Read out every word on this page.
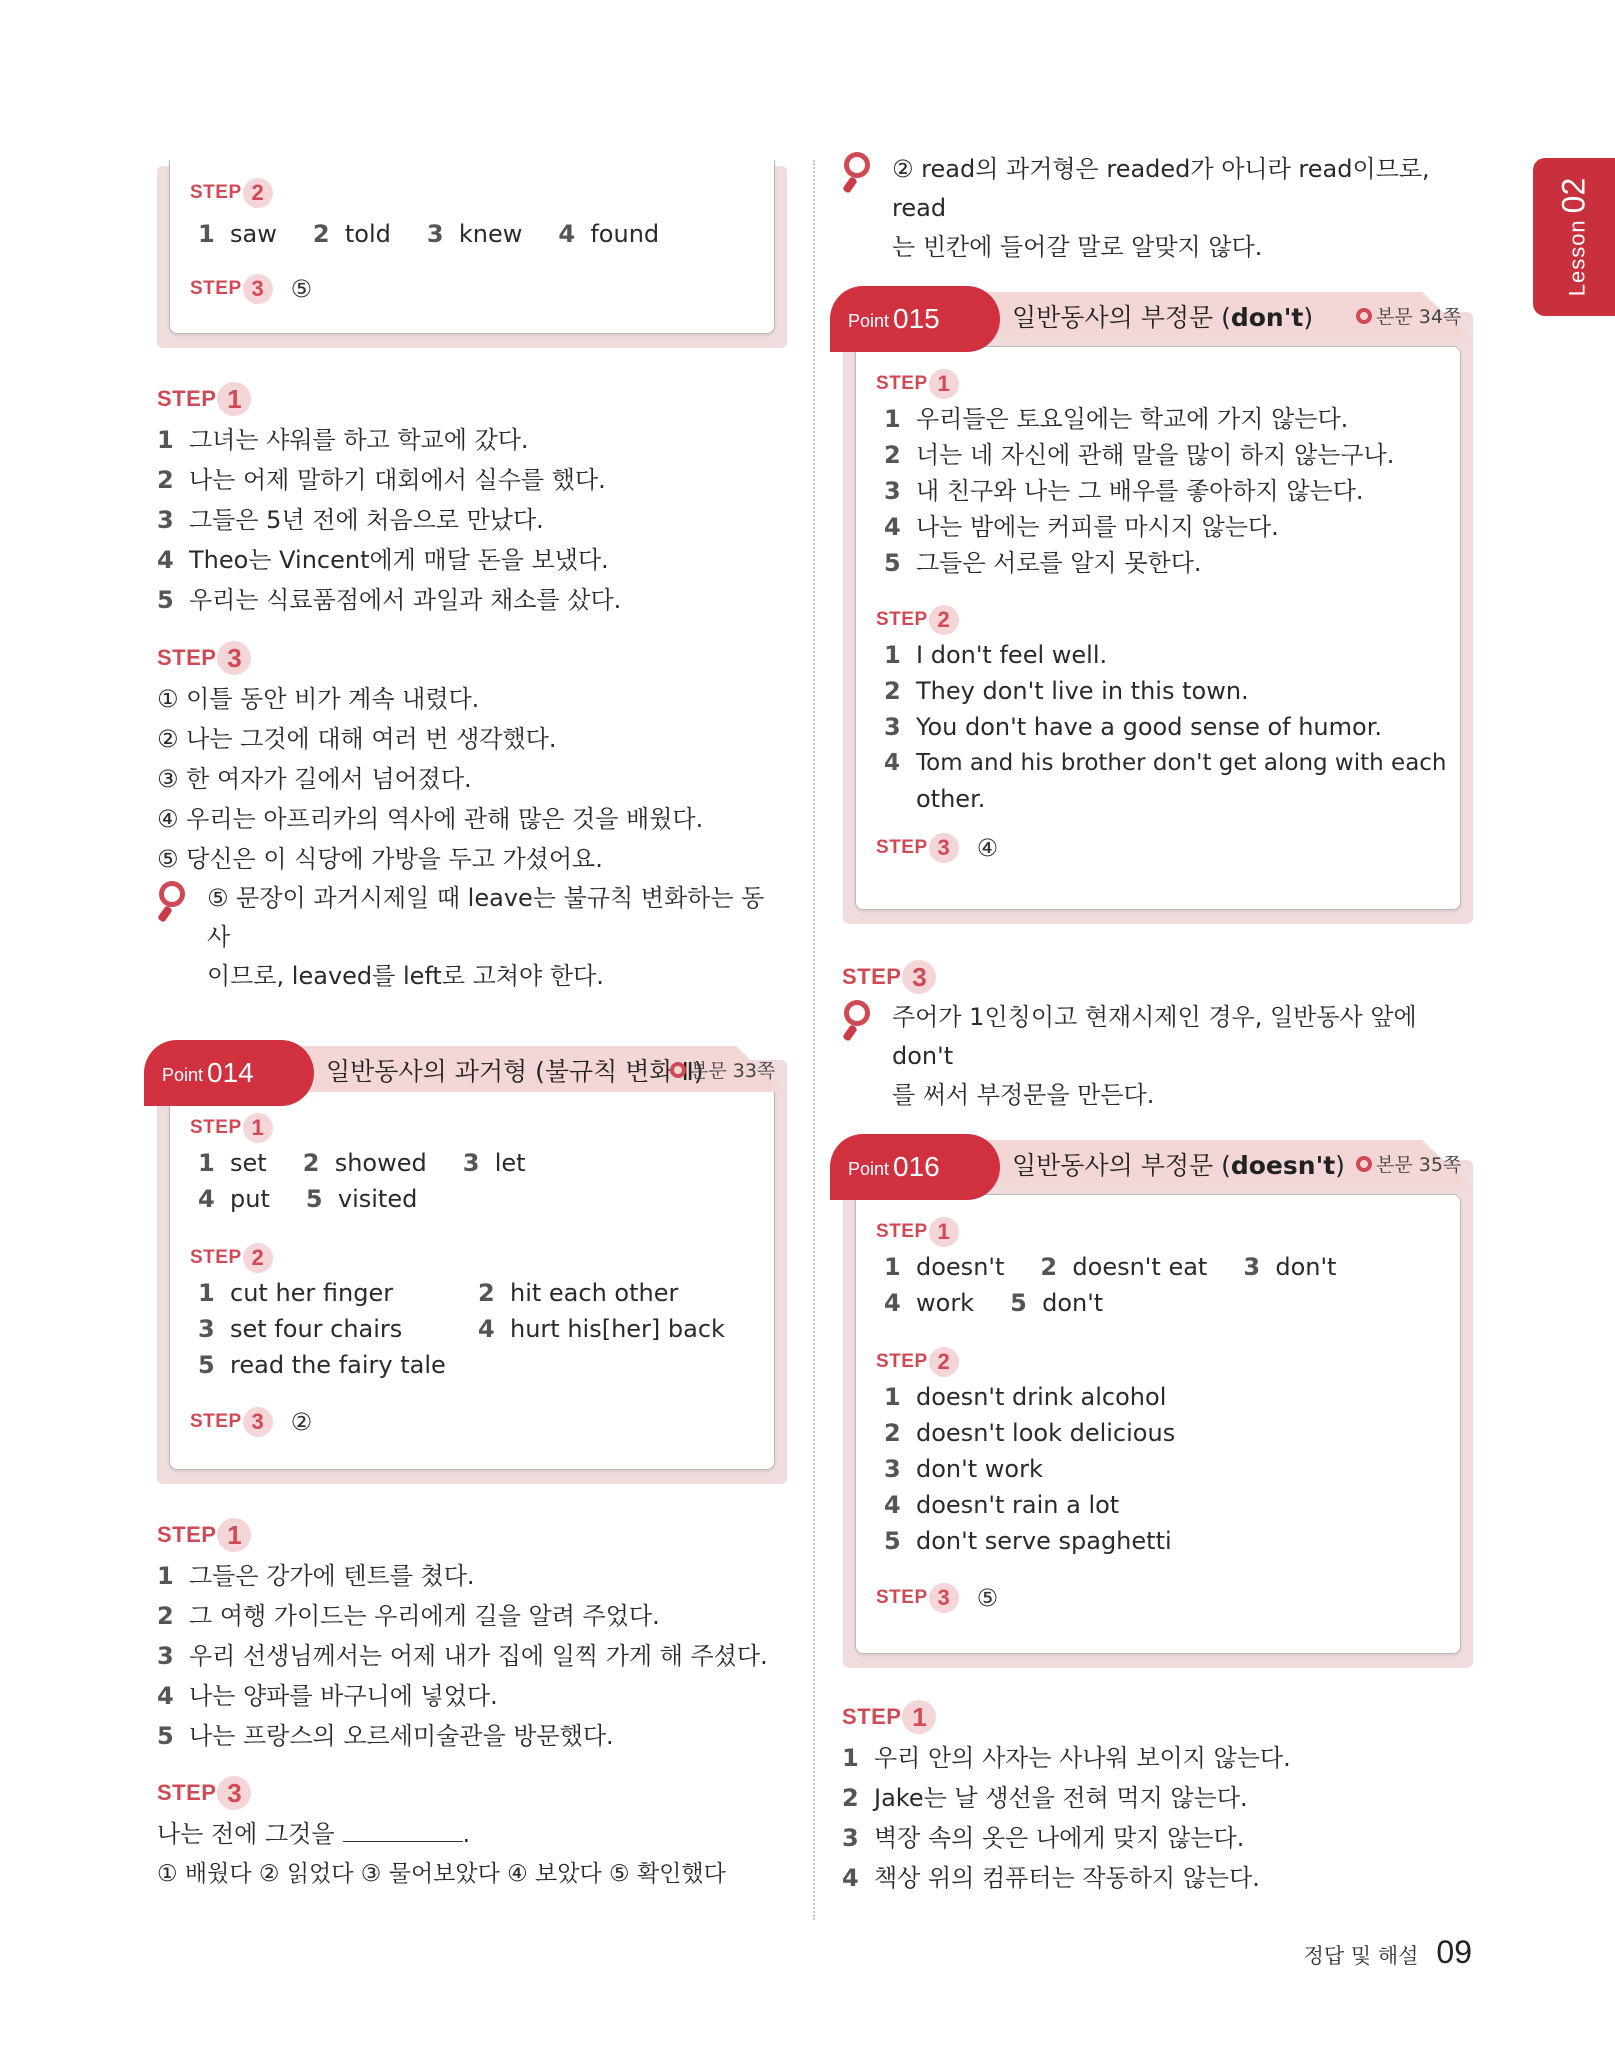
Lesson02
STEP 2
1 saw 2 told 3 knew 4 found
STEP 3	⑤
STEP 1
1 그녀는 샤워를 하고 학교에 갔다.
2 나는 어제 말하기 대회에서 실수를 했다.
3 그들은 5년 전에 처음으로 만났다.
4 Theo는 Vincent에게 매달 돈을 보냈다.
5 우리는 식료품점에서 과일과 채소를 샀다.
STEP 3
① 이틀 동안 비가 계속 내렸다.
② 나는 그것에 대해 여러 번 생각했다.
③ 한 여자가 길에서 넘어졌다.
④ 우리는 아프리카의 역사에 관해 많은 것을 배웠다.
⑤ 당신은 이 식당에 가방을 두고 가셨어요.
⑤ 문장이 과거시제일 때 leave는 불규칙 변화하는 동사
이므로, leaved를 left로 고쳐야 한다.
STEP 1
1 set 2 showed 3 let
4 put 5 visited
STEP 2
1 cut her finger	2 hit each other
3 set four chairs	4 hurt his[her] back
5 read the fairy tale
STEP 3	②
Point 014	일반동사의 과거형 (불규칙 변화 Ⅱ)
본문 33쪽
STEP 1
1 그들은 강가에 텐트를 쳤다.
2 그 여행 가이드는 우리에게 길을 알려 주었다.
3 우리 선생님께서는 어제 내가 집에 일찍 가게 해 주셨다.
4 나는 양파를 바구니에 넣었다.
5 나는 프랑스의 오르세미술관을 방문했다.
STEP 3
나는 전에 그것을	.
① 배웠다 ② 읽었다 ③ 물어보았다 ④ 보았다 ⑤ 확인했다
② read의 과거형은 readed가 아니라 read이므로, read
는 빈칸에 들어갈 말로 알맞지 않다.
STEP 1
1 우리들은 토요일에는 학교에 가지 않는다.
2 너는 네 자신에 관해 말을 많이 하지 않는구나.
3 내 친구와 나는 그 배우를 좋아하지 않는다.
4 나는 밤에는 커피를 마시지 않는다.
5 그들은 서로를 알지 못한다.
STEP 2
1 I don't feel well.
2 They don't live in this town.
3 You don't have a good sense of humor.
4 Tom and his brother don't get along with each
other.
STEP 3	④
Point 015	일반동사의 부정문 (don't)	본문 34쪽
STEP 3
주어가 1인칭이고 현재시제인 경우, 일반동사 앞에 don't
를 써서 부정문을 만든다.
STEP 1
1 doesn't 2 doesn't eat 3 don't
4 work 5 don't
STEP 2
1 doesn't drink alcohol
2 doesn't look delicious
3 don't work
4 doesn't rain a lot
5 don't serve spaghetti
STEP 3	⑤
Point 016	일반동사의 부정문 (doesn't) 본문 35쪽
STEP 1
1 우리 안의 사자는 사나워 보이지 않는다.
2 Jake는 날 생선을 전혀 먹지 않는다.
3 벽장 속의 옷은 나에게 맞지 않는다.
4 책상 위의 컴퓨터는 작동하지 않는다.
정답 및 해설 09
